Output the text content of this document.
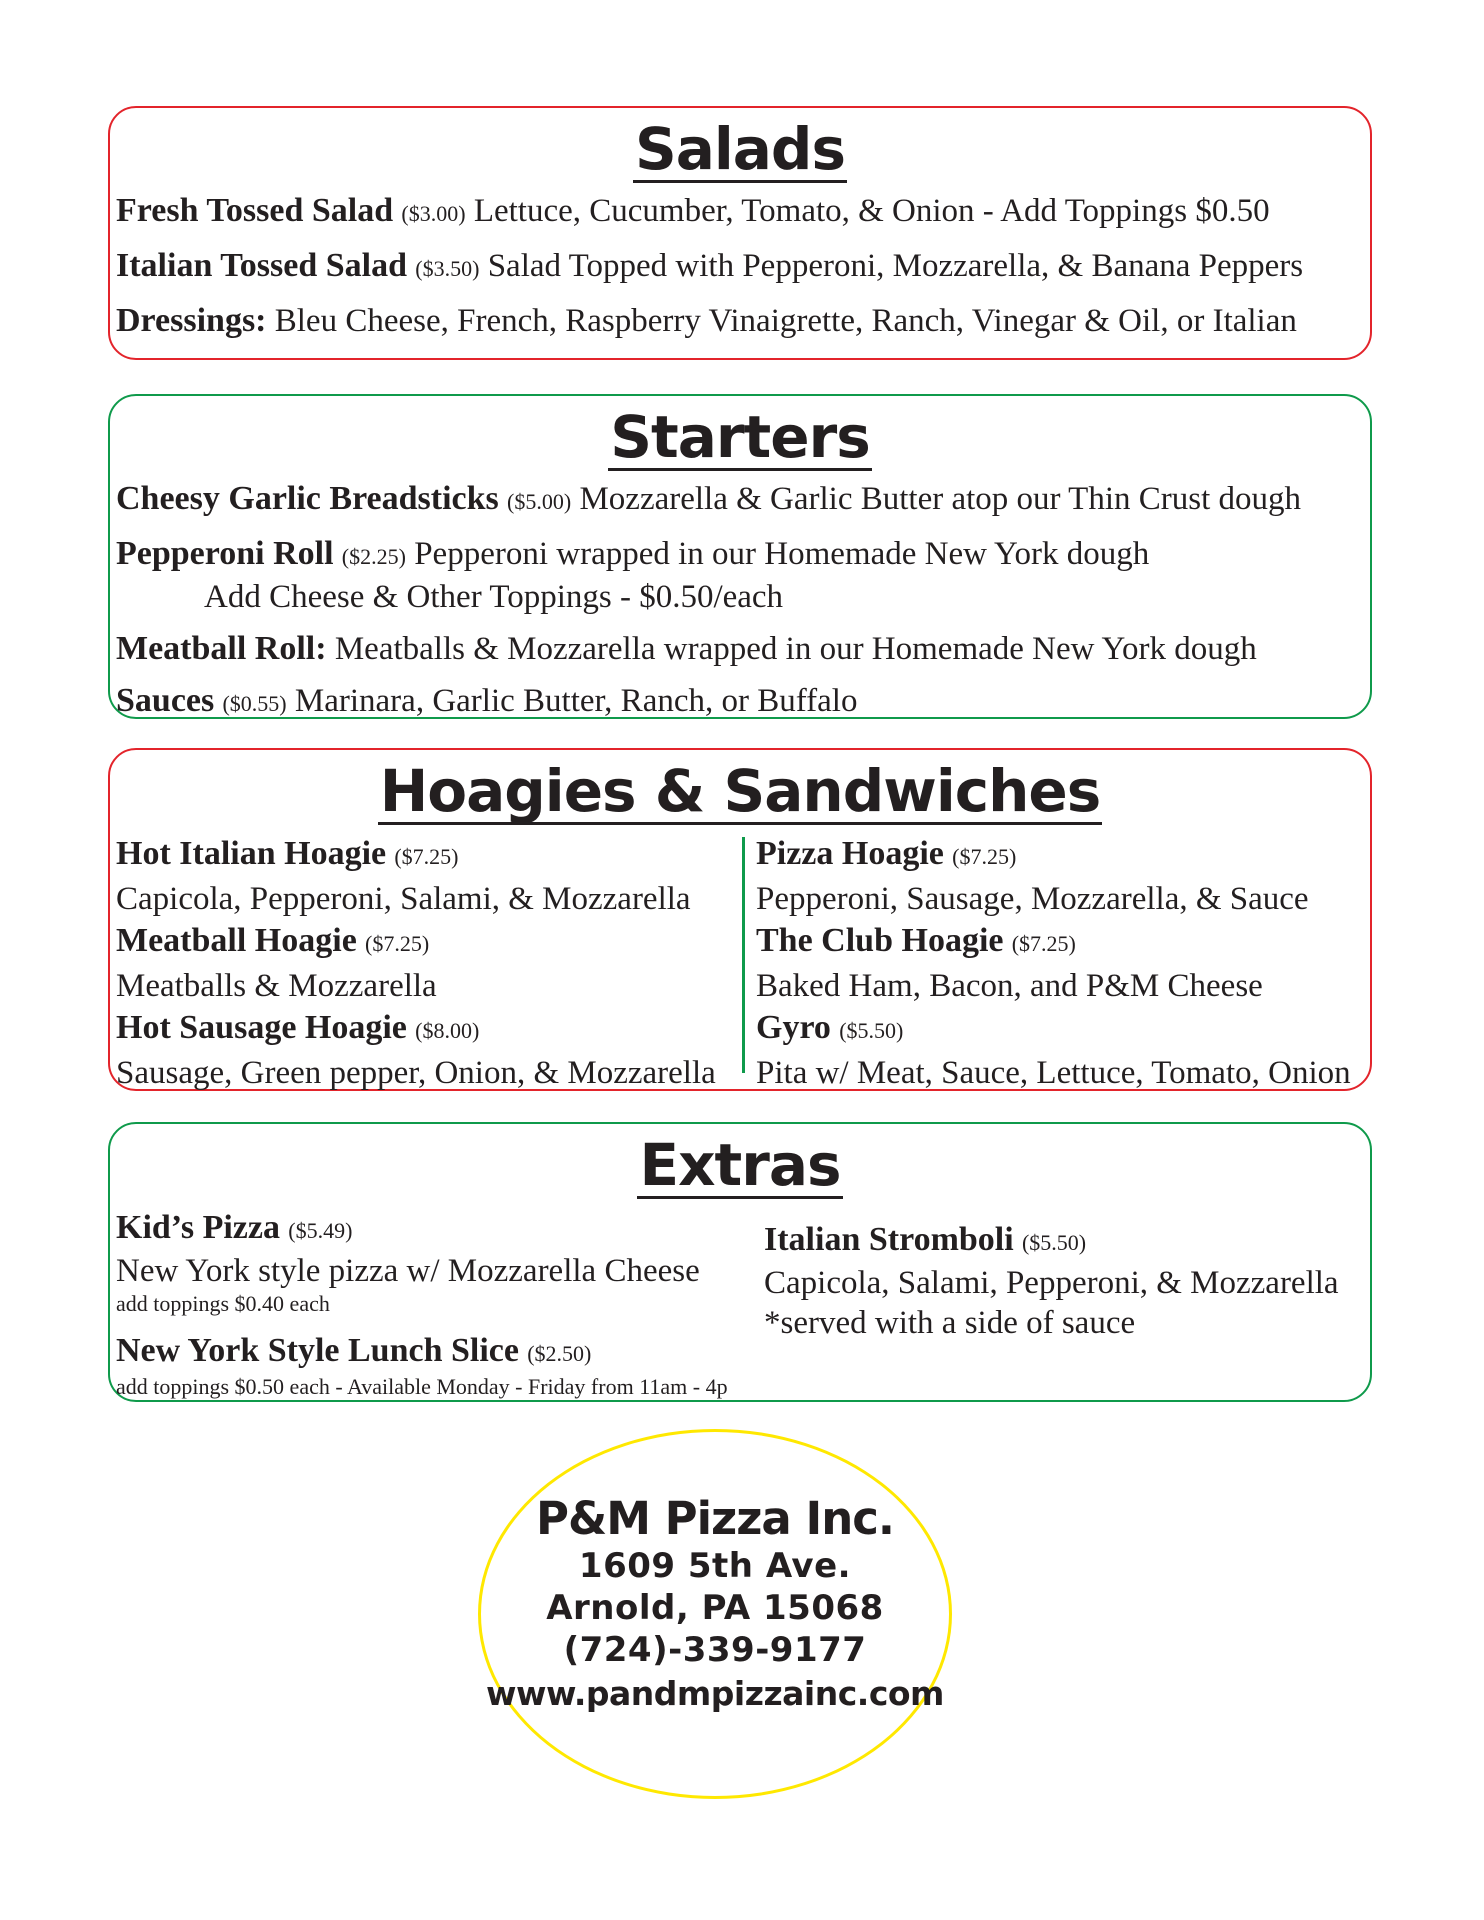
Salads
Fresh Tossed Salad ($3.00) Lettuce, Cucumber, Tomato, & Onion - Add Toppings $0.50
Italian Tossed Salad ($3.50) Salad Topped with Pepperoni, Mozzarella, & Banana Peppers
Dressings: Bleu Cheese, French, Raspberry Vinaigrette, Ranch, Vinegar & Oil, or Italian
Starters
Cheesy Garlic Breadsticks ($5.00) Mozzarella & Garlic Butter atop our Thin Crust dough
Pepperoni Roll ($2.25) Pepperoni wrapped in our Homemade New York dough
Add Cheese & Other Toppings - $0.50/each
Meatball Roll: Meatballs & Mozzarella wrapped in our Homemade New York dough
Sauces ($0.55) Marinara, Garlic Butter, Ranch, or Buffalo
Hoagies & Sandwiches
Hot Italian Hoagie ($7.25)
Capicola, Pepperoni, Salami, & Mozzarella
Meatball Hoagie ($7.25)
Meatballs & Mozzarella
Hot Sausage Hoagie ($8.00)
Sausage, Green pepper, Onion, & Mozzarella
Pizza Hoagie ($7.25)
Pepperoni, Sausage, Mozzarella, & Sauce
The Club Hoagie ($7.25)
Baked Ham, Bacon, and P&M Cheese
Gyro ($5.50)
Pita w/ Meat, Sauce, Lettuce, Tomato, Onion
Extras
Kid’s Pizza ($5.49)
New York style pizza w/ Mozzarella Cheese
add toppings $0.40 each
New York Style Lunch Slice ($2.50)
add toppings $0.50 each - Available Monday - Friday from 11am - 4p
Italian Stromboli ($5.50)
Capicola, Salami, Pepperoni, & Mozzarella
*served with a side of sauce
P&M Pizza Inc.
1609 5th Ave.
Arnold, PA 15068
(724)-339-9177
www.pandmpizzainc.com
